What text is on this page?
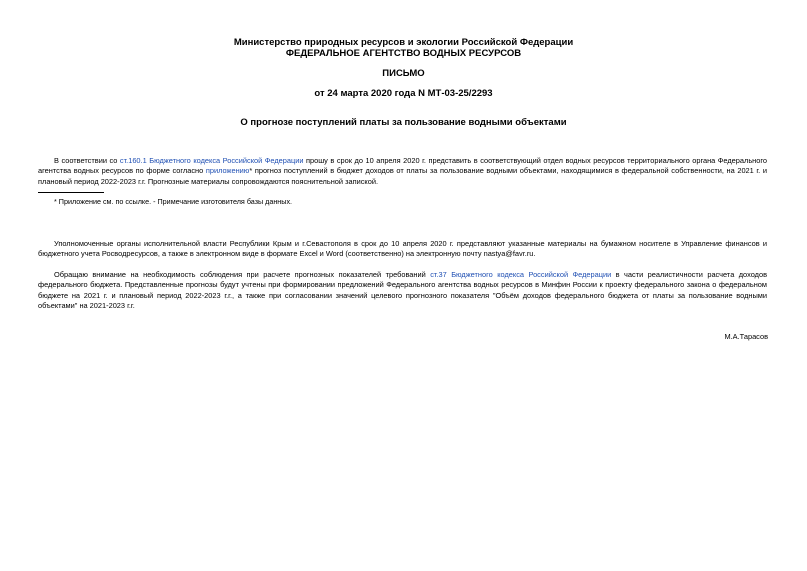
Министерство природных ресурсов и экологии Российской Федерации
ФЕДЕРАЛЬНОЕ АГЕНТСТВО ВОДНЫХ РЕСУРСОВ
ПИСЬМО
от 24 марта 2020 года N МТ-03-25/2293
О прогнозе поступлений платы за пользование водными объектами

В соответствии со ст.160.1 Бюджетного кодекса Российской Федерации прошу в срок до 10 апреля 2020 г. представить в соответствующий отдел водных ресурсов территориального органа Федерального агентства водных ресурсов по форме согласно приложению* прогноз поступлений в бюджет доходов от платы за пользование водными объектами, находящимися в федеральной собственности, на 2021 г. и плановый период 2022-2023 г.г. Прогнозные материалы сопровождаются пояснительной запиской.

* Приложение см. по ссылке. - Примечание изготовителя базы данных.

Уполномоченные органы исполнительной власти Республики Крым и г.Севастополя в срок до 10 апреля 2020 г. представляют указанные материалы на бумажном носителе в Управление финансов и бюджетного учета Росводресурсов, а также в электронном виде в формате Excel и Word (соответственно) на электронную почту nastya@favr.ru.

Обращаю внимание на необходимость соблюдения при расчете прогнозных показателей требований ст.37 Бюджетного кодекса Российской Федерации в части реалистичности расчета доходов федерального бюджета. Представленные прогнозы будут учтены при формировании предложений Федерального агентства водных ресурсов в Минфин России к проекту федерального закона о федеральном бюджете на 2021 г. и плановый период 2022-2023 г.г., а также при согласовании значений целевого прогнозного показателя "Объём доходов федерального бюджета от платы за пользование водными объектами" на 2021-2023 г.г.

М.А.Тарасов
